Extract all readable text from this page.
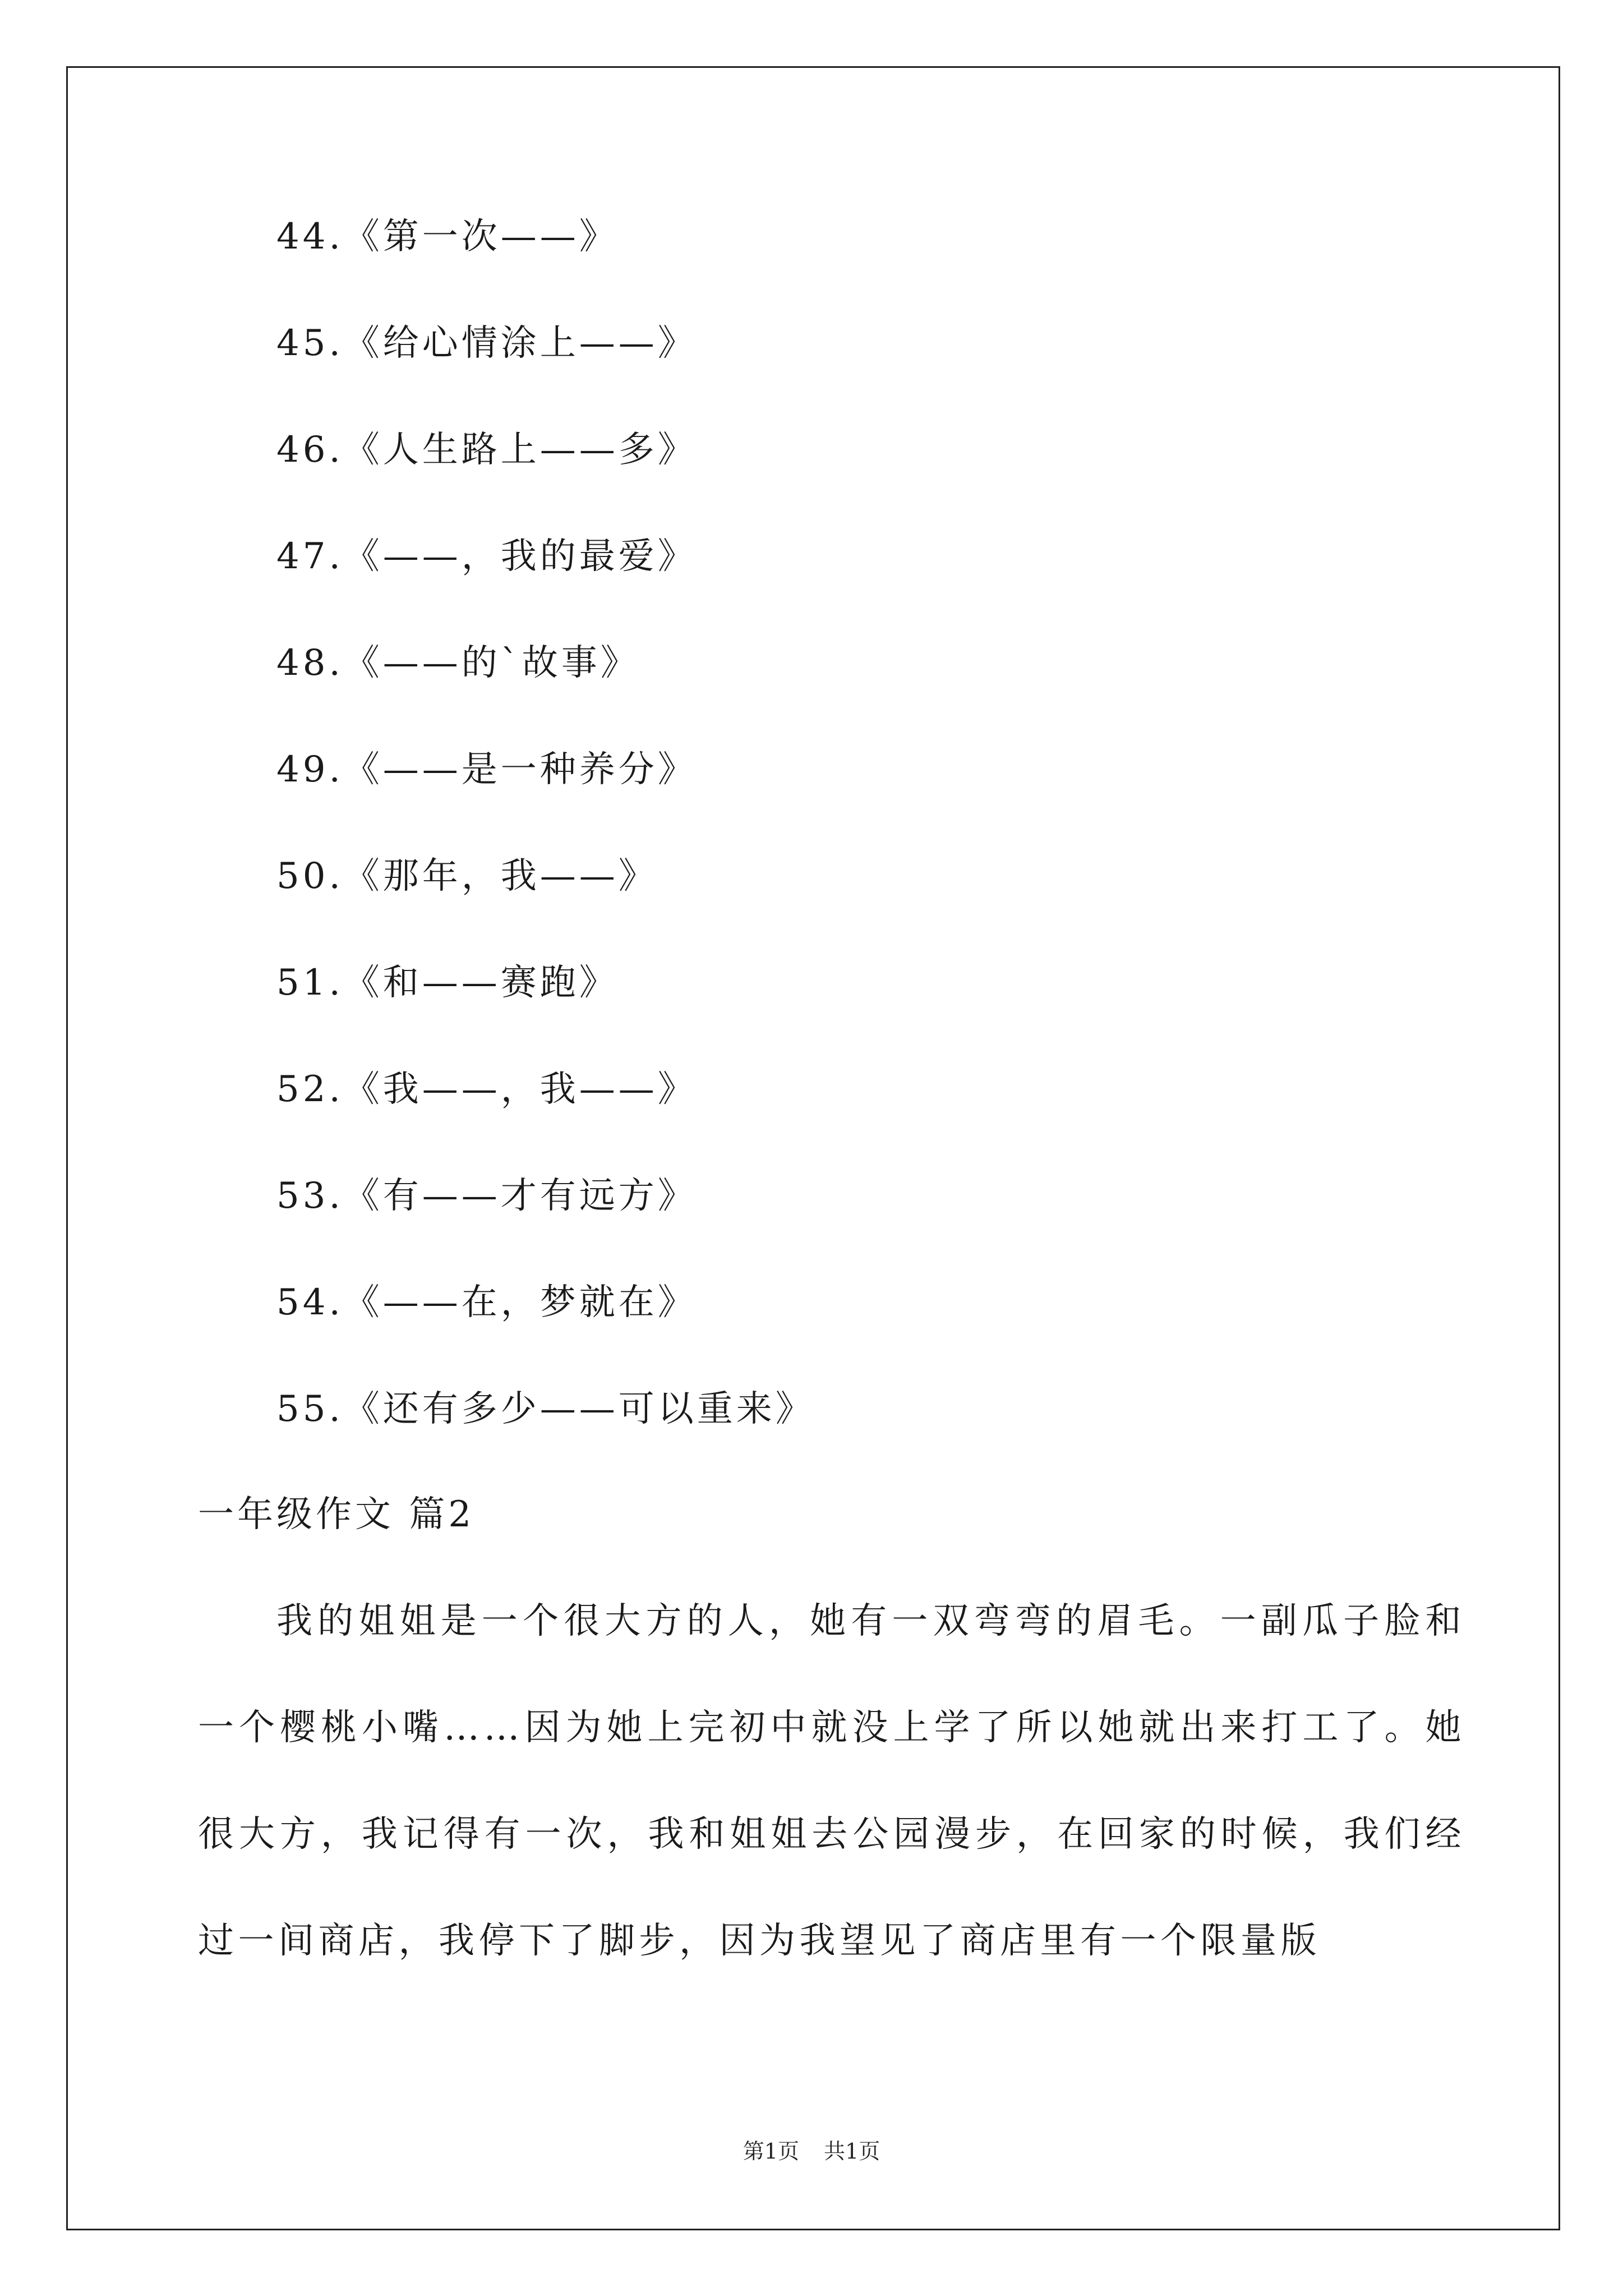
44.《第一次——》
45.《给心情涂上——》
46.《人生路上——多》
47.《——，我的最爱》
48.《——的`故事》
49.《——是一种养分》
50.《那年，我——》
51.《和——赛跑》
52.《我——，我——》
53.《有——才有远方》
54.《——在，梦就在》
55.《还有多少——可以重来》
一年级作文 篇2

我的姐姐是一个很大方的人，她有一双弯弯的眉毛。一副瓜子脸和一个樱桃小嘴……因为她上完初中就没上学了所以她就出来打工了。她很大方，我记得有一次，我和姐姐去公园漫步，在回家的时候，我们经过一间商店，我停下了脚步，因为我望见了商店里有一个限量版

第1页 共1页
